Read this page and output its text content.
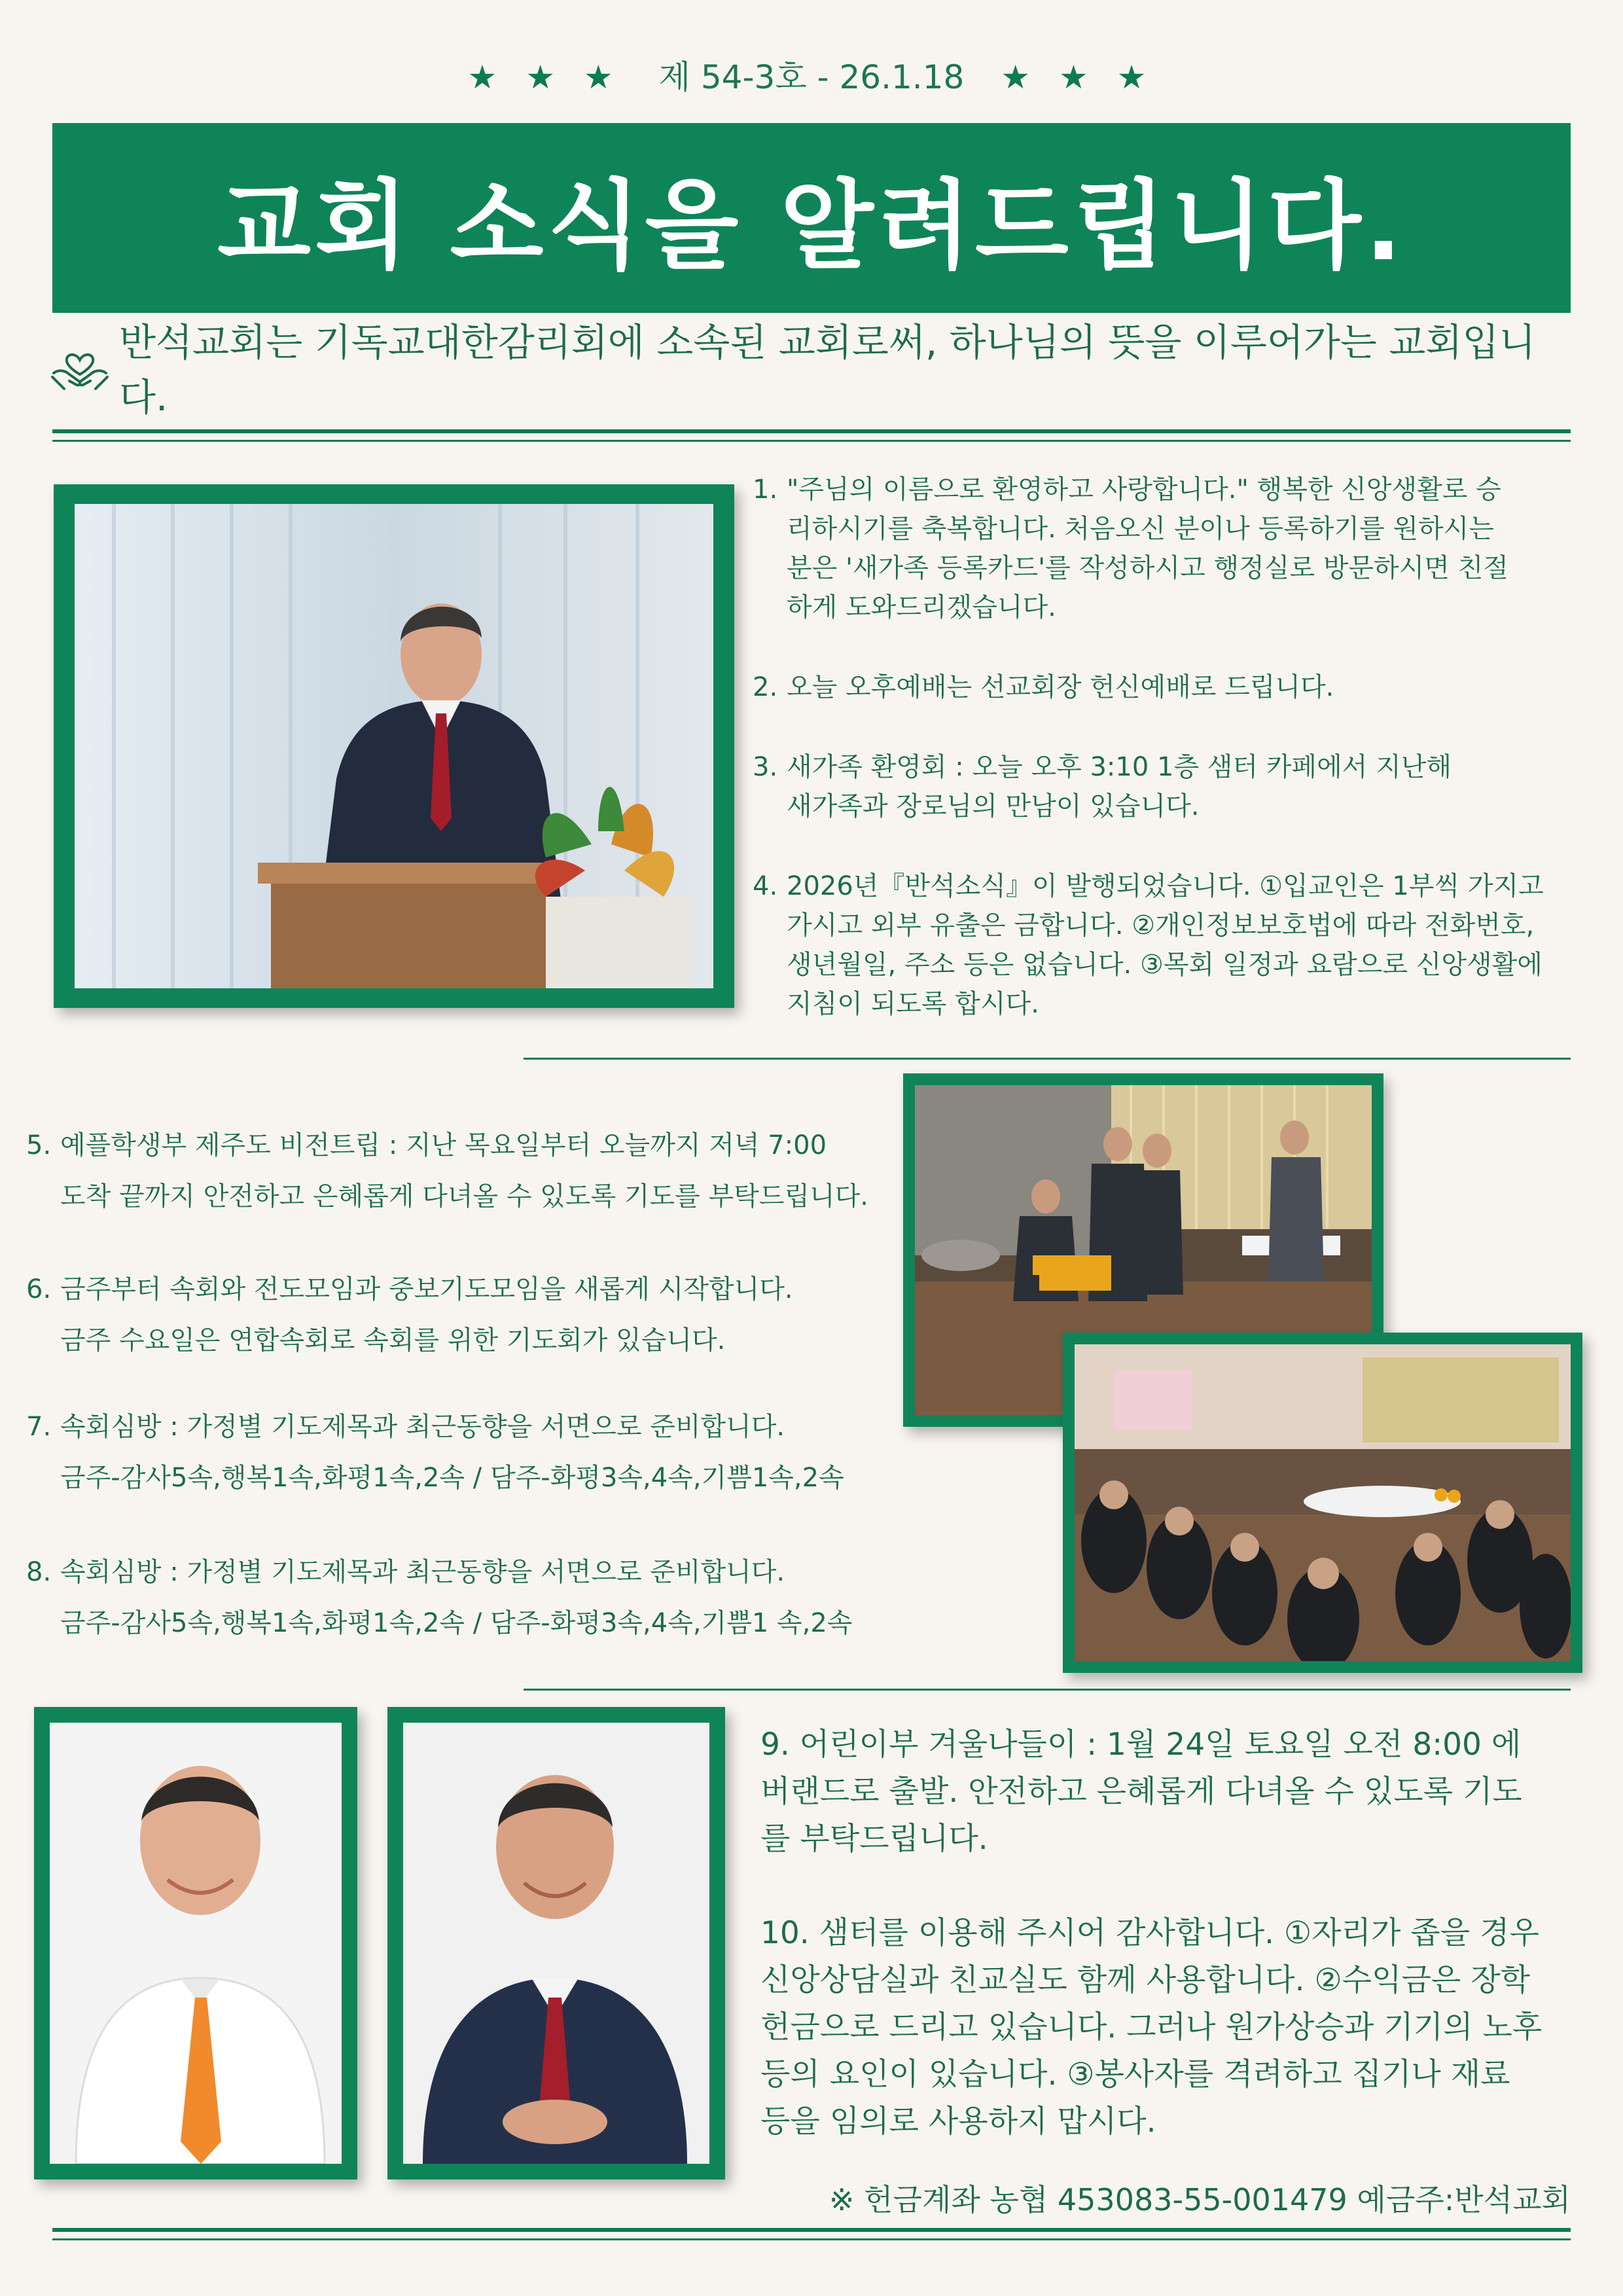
★ ★ ★ 제 54-3호 - 26.1.18 ★ ★ ★
교회 소식을 알려드립니다.
반석교회는 기독교대한감리회에 소속된 교회로써, 하나님의 뜻을 이루어가는 교회입니다.
1. "주님의 이름으로 환영하고 사랑합니다." 행복한 신앙생활로 승
리하시기를 축복합니다. 처음오신 분이나 등록하기를 원하시는
분은 '새가족 등록카드'를 작성하시고 행정실로 방문하시면 친절
하게 도와드리겠습니다.
2. 오늘 오후예배는 선교회장 헌신예배로 드립니다.
3. 새가족 환영회 : 오늘 오후 3:10 1층 샘터 카페에서 지난해
새가족과 장로님의 만남이 있습니다.
4. 2026년『반석소식』이 발행되었습니다. ①입교인은 1부씩 가지고
가시고 외부 유출은 금합니다. ②개인정보보호법에 따라 전화번호,
생년월일, 주소 등은 없습니다. ③목회 일정과 요람으로 신앙생활에
지침이 되도록 합시다.
5. 예플학생부 제주도 비전트립 : 지난 목요일부터 오늘까지 저녁 7:00
도착 끝까지 안전하고 은혜롭게 다녀올 수 있도록 기도를 부탁드립니다.
6. 금주부터 속회와 전도모임과 중보기도모임을 새롭게 시작합니다.
금주 수요일은 연합속회로 속회를 위한 기도회가 있습니다.
7. 속회심방 : 가정별 기도제목과 최근동향을 서면으로 준비합니다.
금주-감사5속,행복1속,화평1속,2속 / 담주-화평3속,4속,기쁨1속,2속
8. 속회심방 : 가정별 기도제목과 최근동향을 서면으로 준비합니다.
금주-감사5속,행복1속,화평1속,2속 / 담주-화평3속,4속,기쁨1 속,2속
9. 어린이부 겨울나들이 : 1월 24일 토요일 오전 8:00 에
버랜드로 출발. 안전하고 은혜롭게 다녀올 수 있도록 기도
를 부탁드립니다.
10. 샘터를 이용해 주시어 감사합니다. ①자리가 좁을 경우
신앙상담실과 친교실도 함께 사용합니다. ②수익금은 장학
헌금으로 드리고 있습니다. 그러나 원가상승과 기기의 노후
등의 요인이 있습니다. ③봉사자를 격려하고 집기나 재료
등을 임의로 사용하지 맙시다.
※ 헌금계좌 농협 453083-55-001479 예금주:반석교회
